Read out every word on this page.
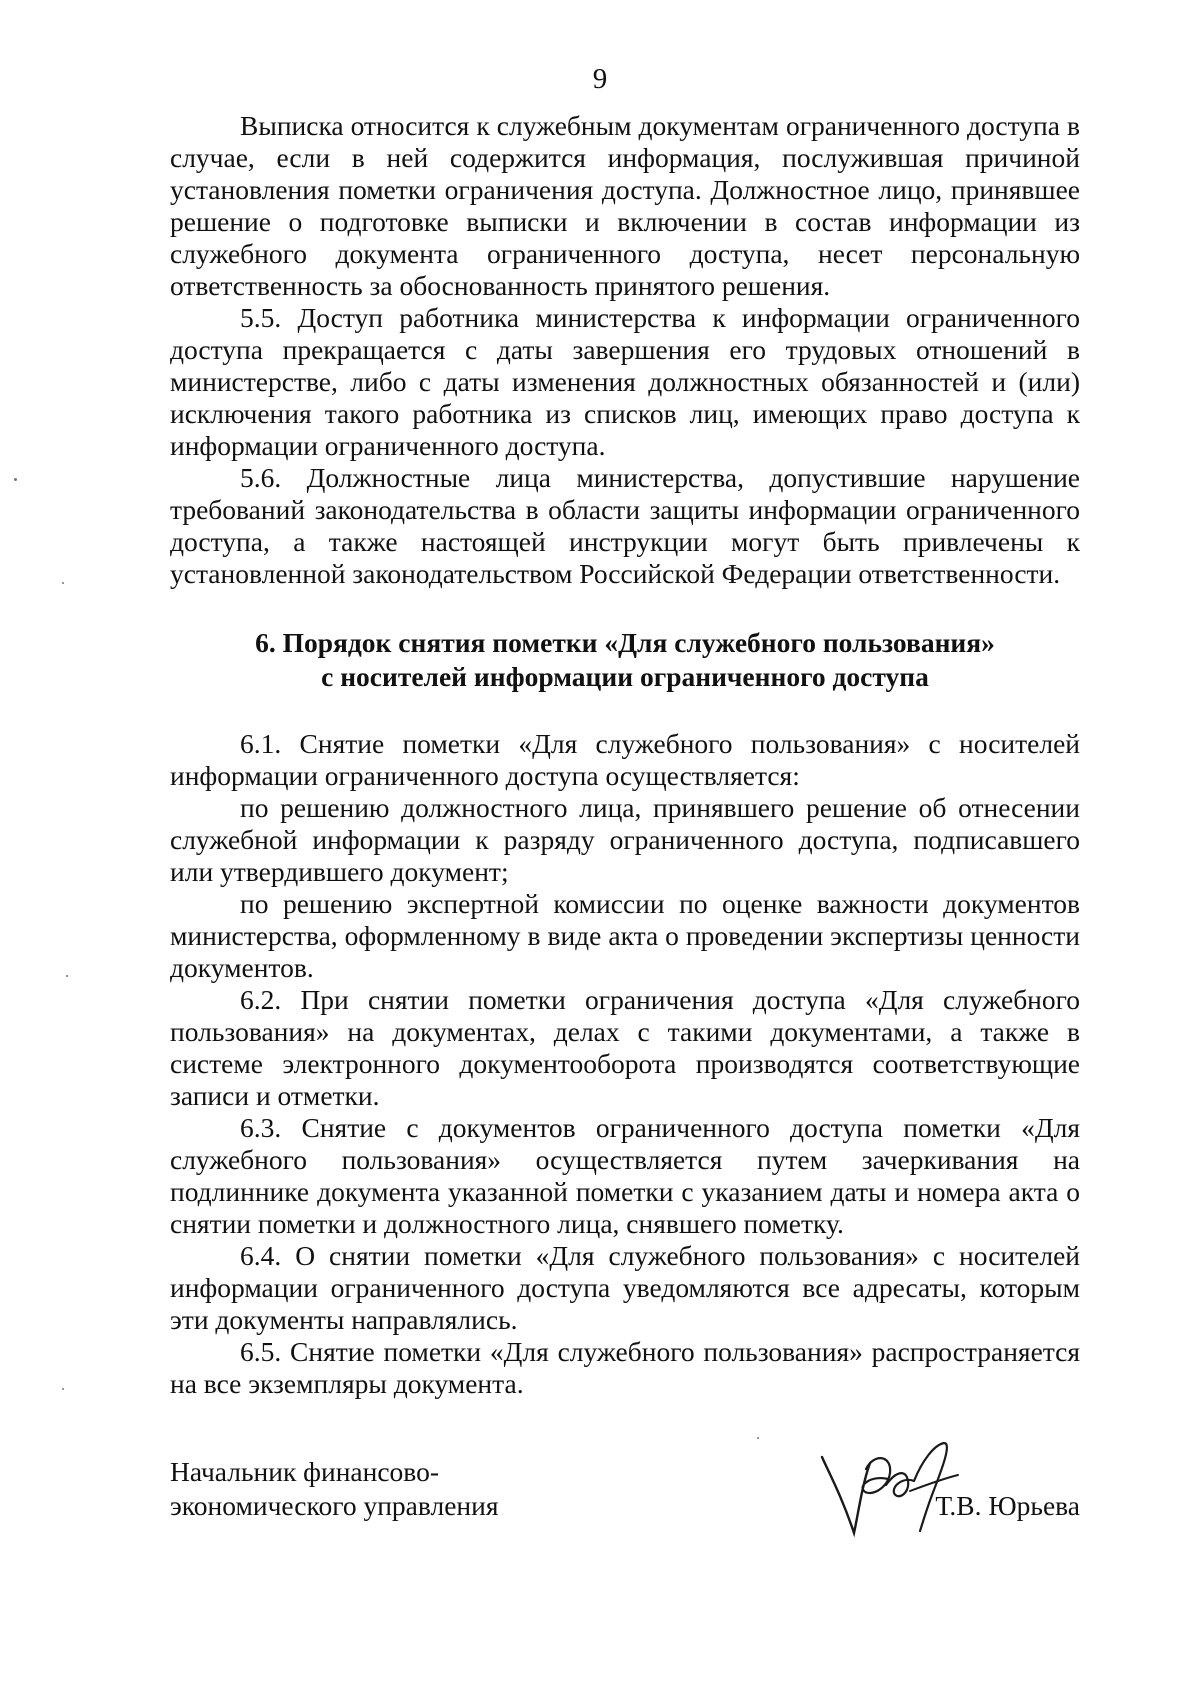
9

Выписка относится к служебным документам ограниченного доступа в случае, если в ней содержится информация, послужившая причиной установления пометки ограничения доступа. Должностное лицо, принявшее решение о подготовке выписки и включении в состав информации из служебного документа ограниченного доступа, несет персональную ответственность за обоснованность принятого решения.

5.5. Доступ работника министерства к информации ограниченного доступа прекращается с даты завершения его трудовых отношений в министерстве, либо с даты изменения должностных обязанностей и (или) исключения такого работника из списков лиц, имеющих право доступа к информации ограниченного доступа.

5.6. Должностные лица министерства, допустившие нарушение требований законодательства в области защиты информации ограниченного доступа, а также настоящей инструкции могут быть привлечены к установленной законодательством Российской Федерации ответственности.

6. Порядок снятия пометки «Для служебного пользования»
с носителей информации ограниченного доступа

6.1. Снятие пометки «Для служебного пользования» с носителей информации ограниченного доступа осуществляется:

по решению должностного лица, принявшего решение об отнесении служебной информации к разряду ограниченного доступа, подписавшего или утвердившего документ;

по решению экспертной комиссии по оценке важности документов министерства, оформленному в виде акта о проведении экспертизы ценности документов.

6.2. При снятии пометки ограничения доступа «Для служебного пользования» на документах, делах с такими документами, а также в системе электронного документооборота производятся соответствующие записи и отметки.

6.3. Снятие с документов ограниченного доступа пометки «Для служебного пользования» осуществляется путем зачеркивания на подлиннике документа указанной пометки с указанием даты и номера акта о снятии пометки и должностного лица, снявшего пометку.

6.4. О снятии пометки «Для служебного пользования» с носителей информации ограниченного доступа уведомляются все адресаты, которым эти документы направлялись.

6.5. Снятие пометки «Для служебного пользования» распространяется на все экземпляры документа.

Начальник финансово-
экономического управления	Т.В. Юрьева
